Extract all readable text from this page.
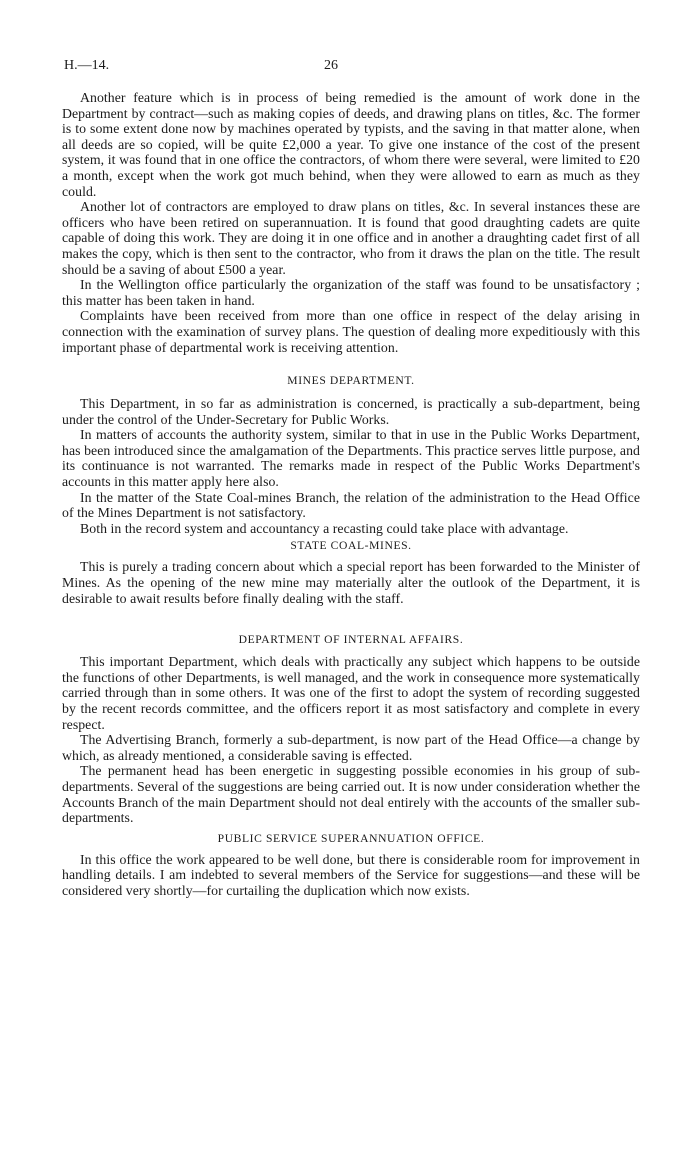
H.—14.	26

Another feature which is in process of being remedied is the amount of work done in the Department by contract—such as making copies of deeds, and drawing plans on titles, &c. The former is to some extent done now by machines operated by typists, and the saving in that matter alone, when all deeds are so copied, will be quite £2,000 a year. To give one instance of the cost of the present system, it was found that in one office the contractors, of whom there were several, were limited to £20 a month, except when the work got much behind, when they were allowed to earn as much as they could.

Another lot of contractors are employed to draw plans on titles, &c. In several instances these are officers who have been retired on superannuation. It is found that good draughting cadets are quite capable of doing this work. They are doing it in one office and in another a draughting cadet first of all makes the copy, which is then sent to the contractor, who from it draws the plan on the title. The result should be a saving of about £500 a year.

In the Wellington office particularly the organization of the staff was found to be unsatisfactory ; this matter has been taken in hand.

Complaints have been received from more than one office in respect of the delay arising in connection with the examination of survey plans. The question of dealing more expeditiously with this important phase of departmental work is receiving attention.

MINES DEPARTMENT.

This Department, in so far as administration is concerned, is practically a sub-department, being under the control of the Under-Secretary for Public Works.

In matters of accounts the authority system, similar to that in use in the Public Works Department, has been introduced since the amalgamation of the Departments. This practice serves little purpose, and its continuance is not warranted. The remarks made in respect of the Public Works Department's accounts in this matter apply here also.

In the matter of the State Coal-mines Branch, the relation of the administration to the Head Office of the Mines Department is not satisfactory.

Both in the record system and accountancy a recasting could take place with advantage.

STATE COAL-MINES.

This is purely a trading concern about which a special report has been forwarded to the Minister of Mines. As the opening of the new mine may materially alter the outlook of the Department, it is desirable to await results before finally dealing with the staff.

DEPARTMENT OF INTERNAL AFFAIRS.

This important Department, which deals with practically any subject which happens to be outside the functions of other Departments, is well managed, and the work in consequence more systematically carried through than in some others. It was one of the first to adopt the system of recording suggested by the recent records committee, and the officers report it as most satisfactory and complete in every respect.

The Advertising Branch, formerly a sub-department, is now part of the Head Office—a change by which, as already mentioned, a considerable saving is effected.

The permanent head has been energetic in suggesting possible economies in his group of sub-departments. Several of the suggestions are being carried out. It is now under consideration whether the Accounts Branch of the main Department should not deal entirely with the accounts of the smaller sub-departments.

PUBLIC SERVICE SUPERANNUATION OFFICE.

In this office the work appeared to be well done, but there is considerable room for improvement in handling details. I am indebted to several members of the Service for suggestions—and these will be considered very shortly—for curtailing the duplication which now exists.
